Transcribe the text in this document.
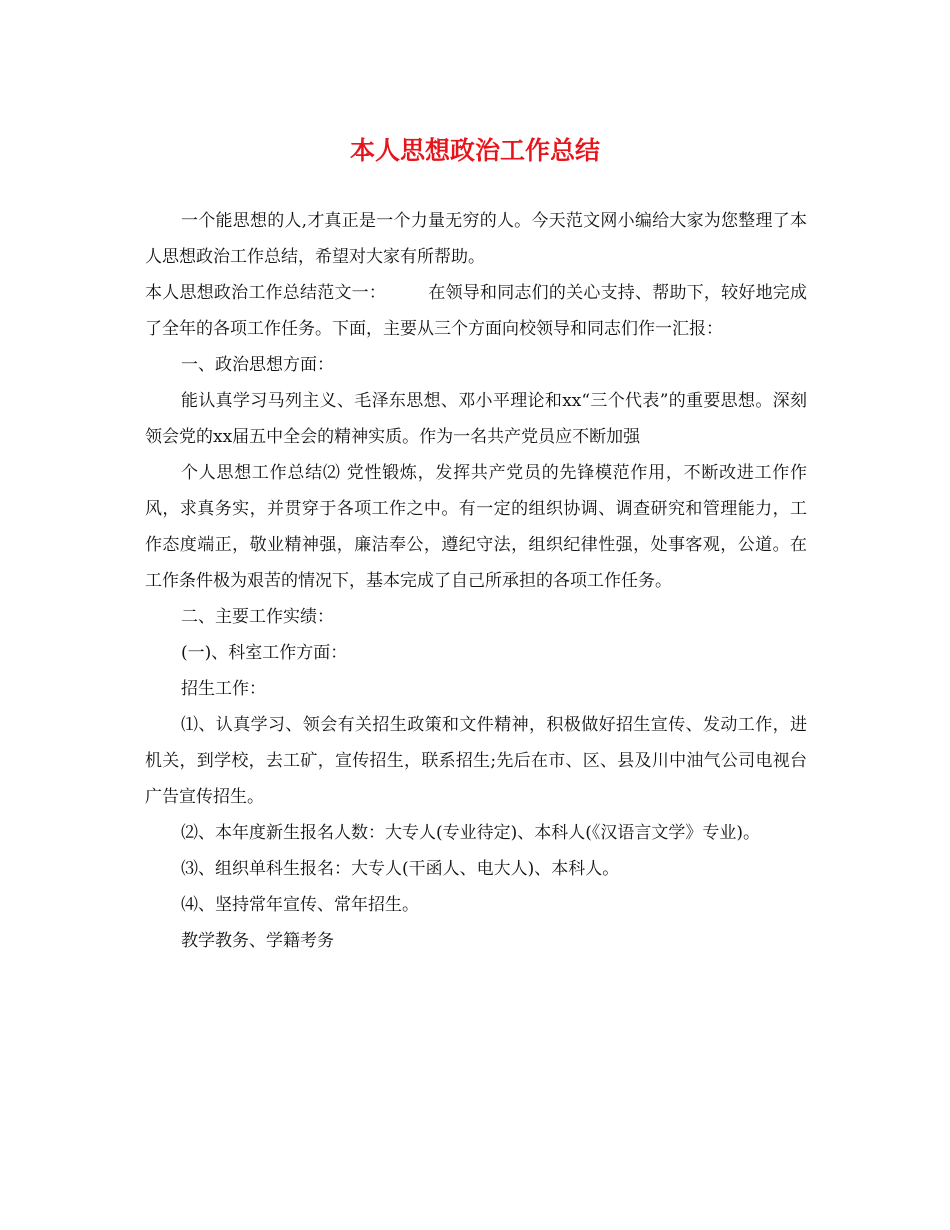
本人思想政治工作总结

一个能思想的人,才真正是一个力量无穷的人。今天范文网小编给大家为您整理了本人思想政治工作总结，希望对大家有所帮助。

本人思想政治工作总结范文一： 在领导和同志们的关心支持、帮助下，较好地完成了全年的各项工作任务。下面，主要从三个方面向校领导和同志们作一汇报：

一、政治思想方面：

能认真学习马列主义、毛泽东思想、邓小平理论和xx“三个代表”的重要思想。深刻领会党的xx届五中全会的精神实质。作为一名共产党员应不断加强

个人思想工作总结⑵ 党性锻炼，发挥共产党员的先锋模范作用，不断改进工作作风，求真务实，并贯穿于各项工作之中。有一定的组织协调、调查研究和管理能力，工作态度端正，敬业精神强，廉洁奉公，遵纪守法，组织纪律性强，处事客观，公道。在工作条件极为艰苦的情况下，基本完成了自己所承担的各项工作任务。

二、主要工作实绩：

(一)、科室工作方面：

招生工作：

⑴、认真学习、领会有关招生政策和文件精神，积极做好招生宣传、发动工作，进机关，到学校，去工矿，宣传招生，联系招生;先后在市、区、县及川中油气公司电视台广告宣传招生。

⑵、本年度新生报名人数：大专人(专业待定)、本科人(《汉语言文学》专业)。

⑶、组织单科生报名：大专人(干函人、电大人)、本科人。

⑷、坚持常年宣传、常年招生。

教学教务、学籍考务
